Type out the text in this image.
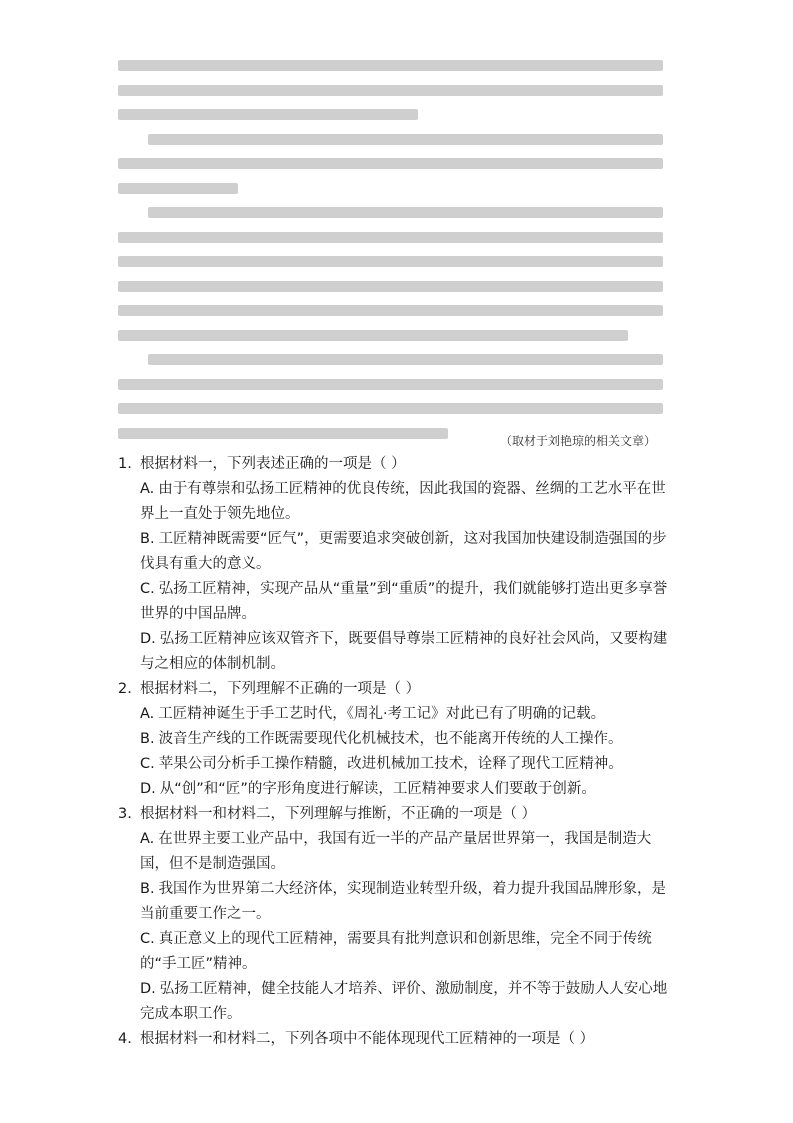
（取材于刘艳琼的相关文章）
1. 根据材料一，下列表述正确的一项是（ ）
A. 由于有尊崇和弘扬工匠精神的优良传统，因此我国的瓷器、丝绸的工艺水平在世界上一直处于领先地位。
B. 工匠精神既需要“匠气”，更需要追求突破创新，这对我国加快建设制造强国的步伐具有重大的意义。
C. 弘扬工匠精神，实现产品从“重量”到“重质”的提升，我们就能够打造出更多享誉世界的中国品牌。
D. 弘扬工匠精神应该双管齐下，既要倡导尊崇工匠精神的良好社会风尚，又要构建与之相应的体制机制。
2. 根据材料二，下列理解不正确的一项是（ ）
A. 工匠精神诞生于手工艺时代，《周礼·考工记》对此已有了明确的记载。
B. 波音生产线的工作既需要现代化机械技术，也不能离开传统的人工操作。
C. 苹果公司分析手工操作精髓，改进机械加工技术，诠释了现代工匠精神。
D. 从“创”和“匠”的字形角度进行解读，工匠精神要求人们要敢于创新。
3. 根据材料一和材料二，下列理解与推断，不正确的一项是（ ）
A. 在世界主要工业产品中，我国有近一半的产品产量居世界第一，我国是制造大国，但不是制造强国。
B. 我国作为世界第二大经济体，实现制造业转型升级，着力提升我国品牌形象，是当前重要工作之一。
C. 真正意义上的现代工匠精神，需要具有批判意识和创新思维，完全不同于传统的“手工匠”精神。
D. 弘扬工匠精神，健全技能人才培养、评价、激励制度，并不等于鼓励人人安心地完成本职工作。
4. 根据材料一和材料二，下列各项中不能体现现代工匠精神的一项是（ ）
